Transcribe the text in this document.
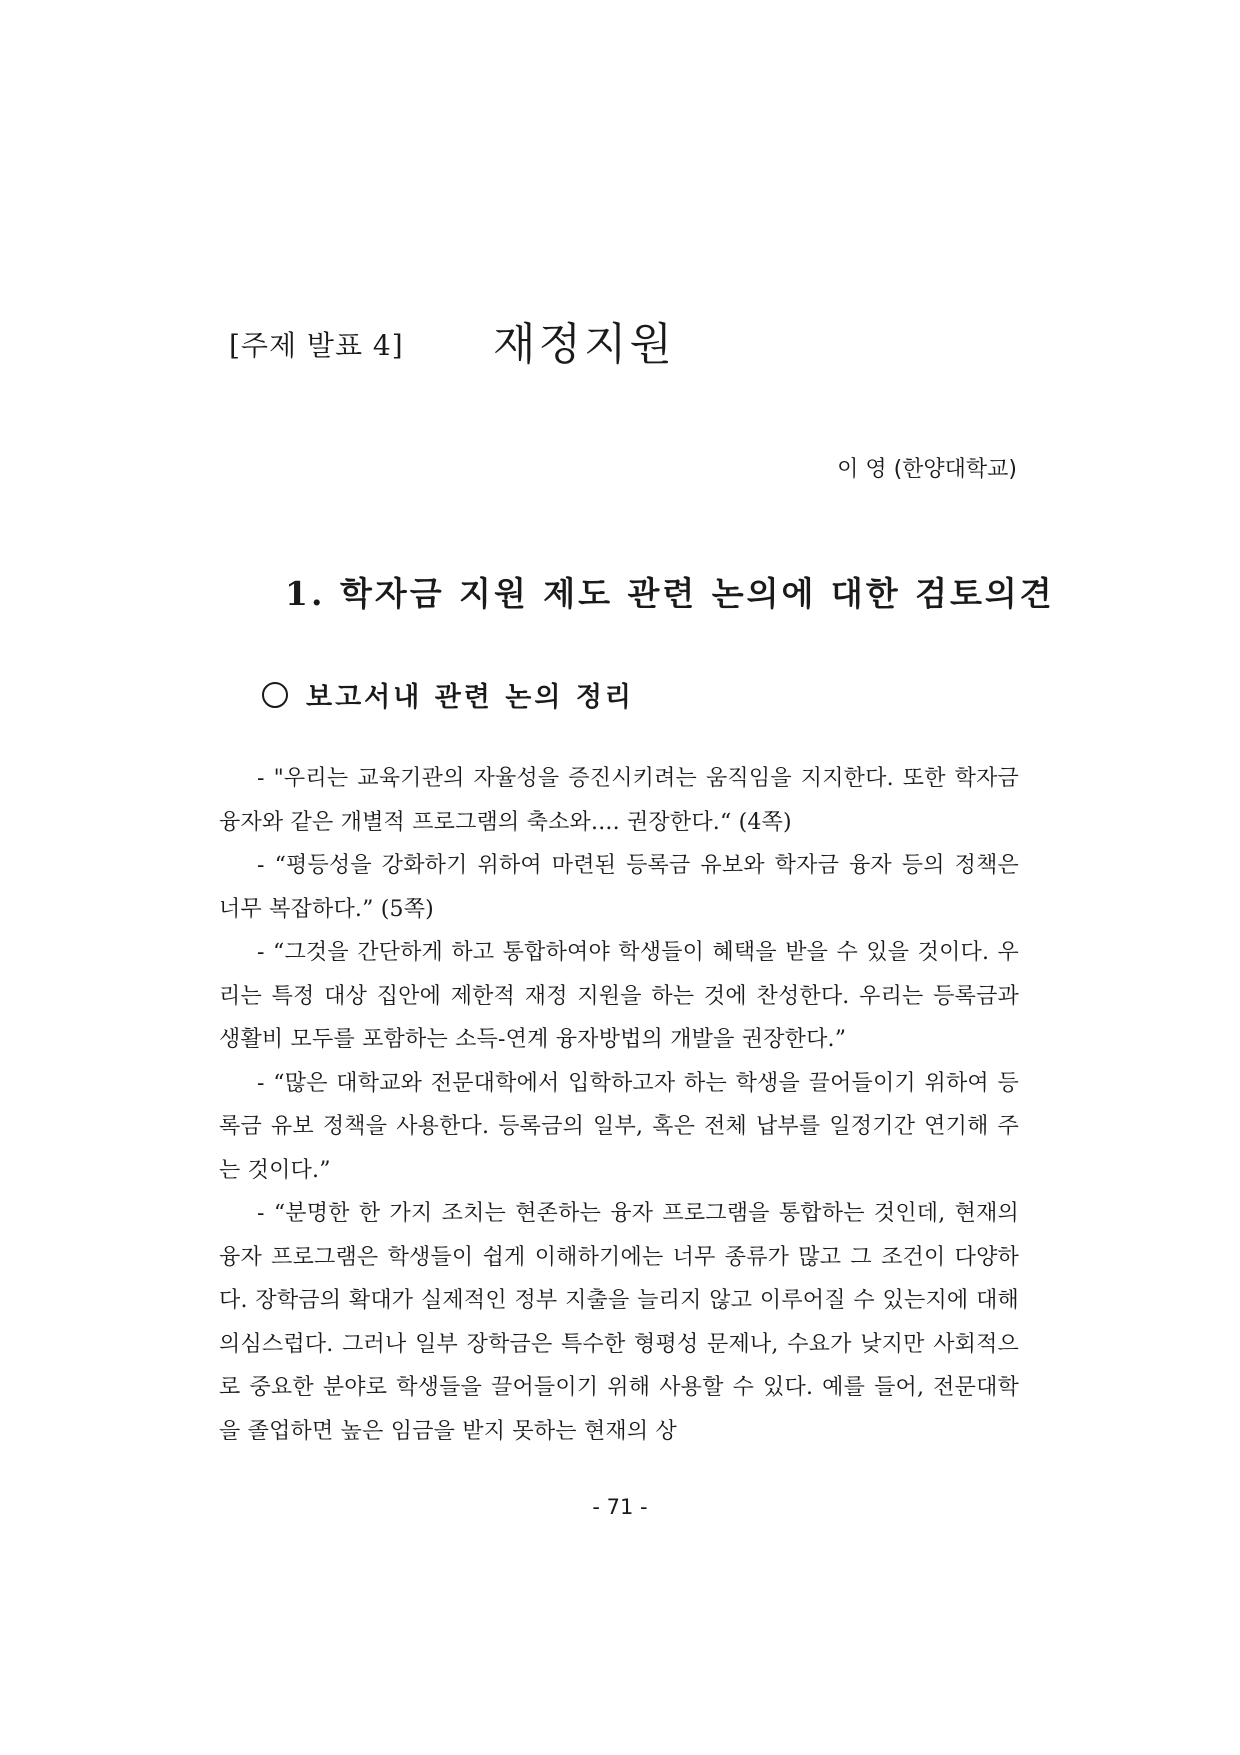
[주제 발표 4] 재정지원
이 영 (한양대학교)
1. 학자금 지원 제도 관련 논의에 대한 검토의견
보고서내 관련 논의 정리

- "우리는 교육기관의 자율성을 증진시키려는 움직임을 지지한다. 또한 학자금 융자와 같은 개별적 프로그램의 축소와.... 권장한다.“ (4쪽)

- “평등성을 강화하기 위하여 마련된 등록금 유보와 학자금 융자 등의 정책은 너무 복잡하다.” (5쪽)

- “그것을 간단하게 하고 통합하여야 학생들이 혜택을 받을 수 있을 것이다. 우리는 특정 대상 집안에 제한적 재정 지원을 하는 것에 찬성한다. 우리는 등록금과 생활비 모두를 포함하는 소득-연계 융자방법의 개발을 권장한다.”

- “많은 대학교와 전문대학에서 입학하고자 하는 학생을 끌어들이기 위하여 등록금 유보 정책을 사용한다. 등록금의 일부, 혹은 전체 납부를 일정기간 연기해 주는 것이다.”

- “분명한 한 가지 조치는 현존하는 융자 프로그램을 통합하는 것인데, 현재의 융자 프로그램은 학생들이 쉽게 이해하기에는 너무 종류가 많고 그 조건이 다양하다. 장학금의 확대가 실제적인 정부 지출을 늘리지 않고 이루어질 수 있는지에 대해 의심스럽다. 그러나 일부 장학금은 특수한 형평성 문제나, 수요가 낮지만 사회적으로 중요한 분야로 학생들을 끌어들이기 위해 사용할 수 있다. 예를 들어, 전문대학을 졸업하면 높은 임금을 받지 못하는 현재의 상

- 71 -
